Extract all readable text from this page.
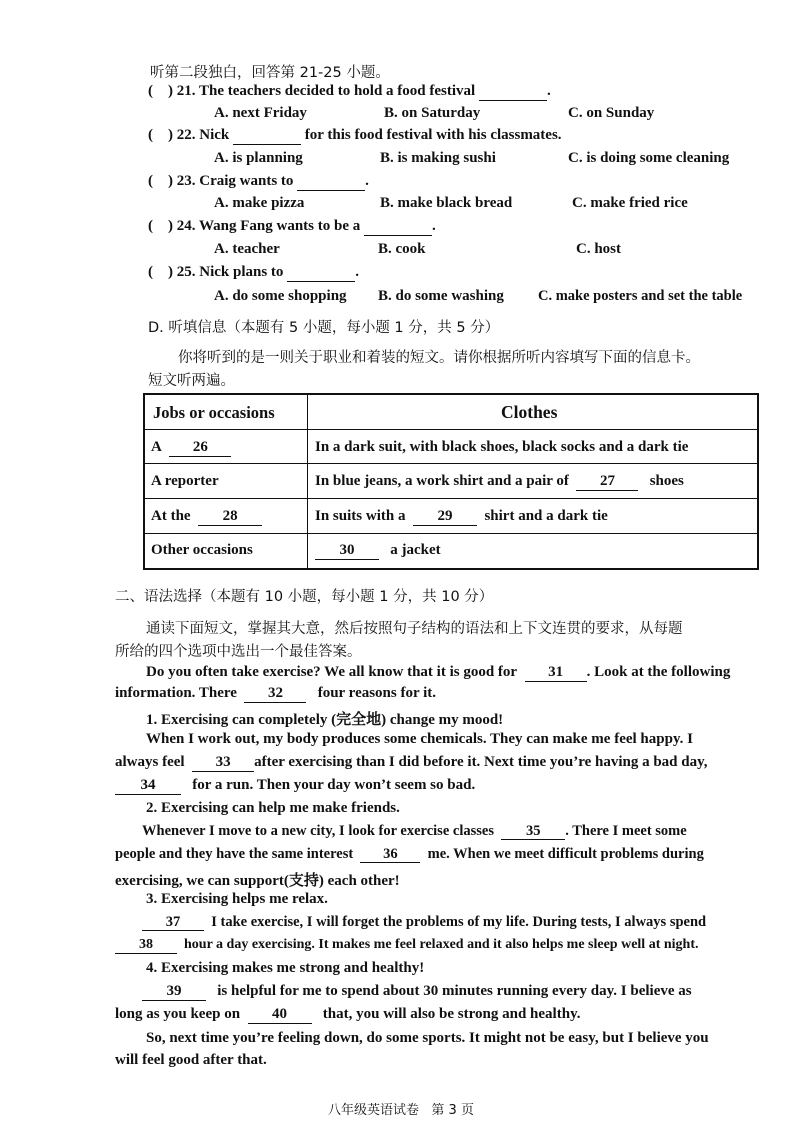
听第二段独白，回答第 21-25 小题。
(    ) 21. The teachers decided to hold a food festival	.
A. next Friday	B. on Saturday	C. on Sunday
(    ) 22. Nick	for this food festival with his classmates.
A. is planning	B. is making sushi	C. is doing some cleaning
(    ) 23. Craig wants to	.
A. make pizza	B. make black bread	C. make fried rice
(    ) 24. Wang Fang wants to be a	.
A. teacher	B. cook	C. host
(    ) 25. Nick plans to	.
A. do some shopping B. do some washing C. make posters and set the table
D. 听填信息（本题有 5 小题，每小题 1 分，共 5 分）
你将听到的是一则关于职业和着装的短文。请你根据所听内容填写下面的信息卡。
短文听两遍。
Jobs or occasions	Clothes
A 26	In a dark suit, with black shoes, black socks and a dark tie
A reporter	In blue jeans, a work shirt and a pair of 27 shoes
At the 28	In suits with a 29 shirt and a dark tie
Other occasions	30 a jacket
二、语法选择（本题有 10 小题，每小题 1 分，共 10 分）
通读下面短文，掌握其大意，然后按照句子结构的语法和上下文连贯的要求，从每题
所给的四个选项中选出一个最佳答案。
Do you often take exercise? We all know that it is good for 31 . Look at the following
information. There 32 four reasons for it.
1. Exercising can completely (完全地) change my mood!
When I work out, my body produces some chemicals. They can make me feel happy. I
always feel 33 after exercising than I did before it. Next time you’re having a bad day,
34 for a run. Then your day won’t seem so bad.
2. Exercising can help me make friends.
Whenever I move to a new city, I look for exercise classes 35 . There I meet some
people and they have the same interest 36 me. When we meet difficult problems during
exercising, we can support(支持) each other!
3. Exercising helps me relax.
37 I take exercise, I will forget the problems of my life. During tests, I always spend
38 hour a day exercising. It makes me feel relaxed and it also helps me sleep well at night.
4. Exercising makes me strong and healthy!
39 is helpful for me to spend about 30 minutes running every day. I believe as
long as you keep on 40 that, you will also be strong and healthy.
So, next time you’re feeling down, do some sports. It might not be easy, but I believe you
will feel good after that.
八年级英语试卷 第 3 页
